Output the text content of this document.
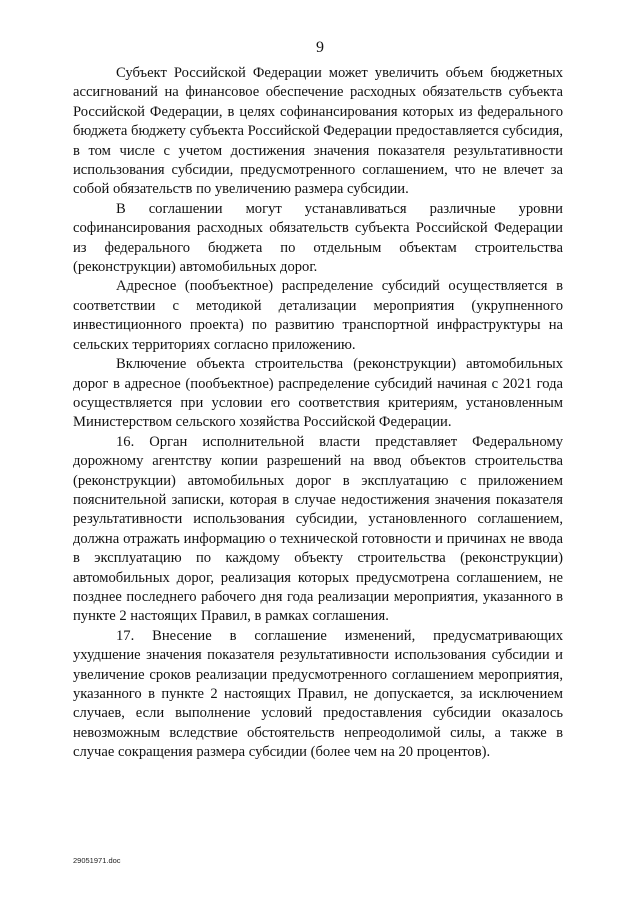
9

Субъект Российской Федерации может увеличить объем бюджетных ассигнований на финансовое обеспечение расходных обязательств субъекта Российской Федерации, в целях софинансирования которых из федерального бюджета бюджету субъекта Российской Федерации предоставляется субсидия, в том числе с учетом достижения значения показателя результативности использования субсидии, предусмотренного соглашением, что не влечет за собой обязательств по увеличению размера субсидии.

В соглашении могут устанавливаться различные уровни софинансирования расходных обязательств субъекта Российской Федерации из федерального бюджета по отдельным объектам строительства (реконструкции) автомобильных дорог.

Адресное (пообъектное) распределение субсидий осуществляется в соответствии с методикой детализации мероприятия (укрупненного инвестиционного проекта) по развитию транспортной инфраструктуры на сельских территориях согласно приложению.

Включение объекта строительства (реконструкции) автомобильных дорог в адресное (пообъектное) распределение субсидий начиная с 2021 года осуществляется при условии его соответствия критериям, установленным Министерством сельского хозяйства Российской Федерации.

16. Орган исполнительной власти представляет Федеральному дорожному агентству копии разрешений на ввод объектов строительства (реконструкции) автомобильных дорог в эксплуатацию с приложением пояснительной записки, которая в случае недостижения значения показателя результативности использования субсидии, установленного соглашением, должна отражать информацию о технической готовности и причинах не ввода в эксплуатацию по каждому объекту строительства (реконструкции) автомобильных дорог, реализация которых предусмотрена соглашением, не позднее последнего рабочего дня года реализации мероприятия, указанного в пункте 2 настоящих Правил, в рамках соглашения.

17. Внесение в соглашение изменений, предусматривающих ухудшение значения показателя результативности использования субсидии и увеличение сроков реализации предусмотренного соглашением мероприятия, указанного в пункте 2 настоящих Правил, не допускается, за исключением случаев, если выполнение условий предоставления субсидии оказалось невозможным вследствие обстоятельств непреодолимой силы, а также в случае сокращения размера субсидии (более чем на 20 процентов).

29051971.doc
